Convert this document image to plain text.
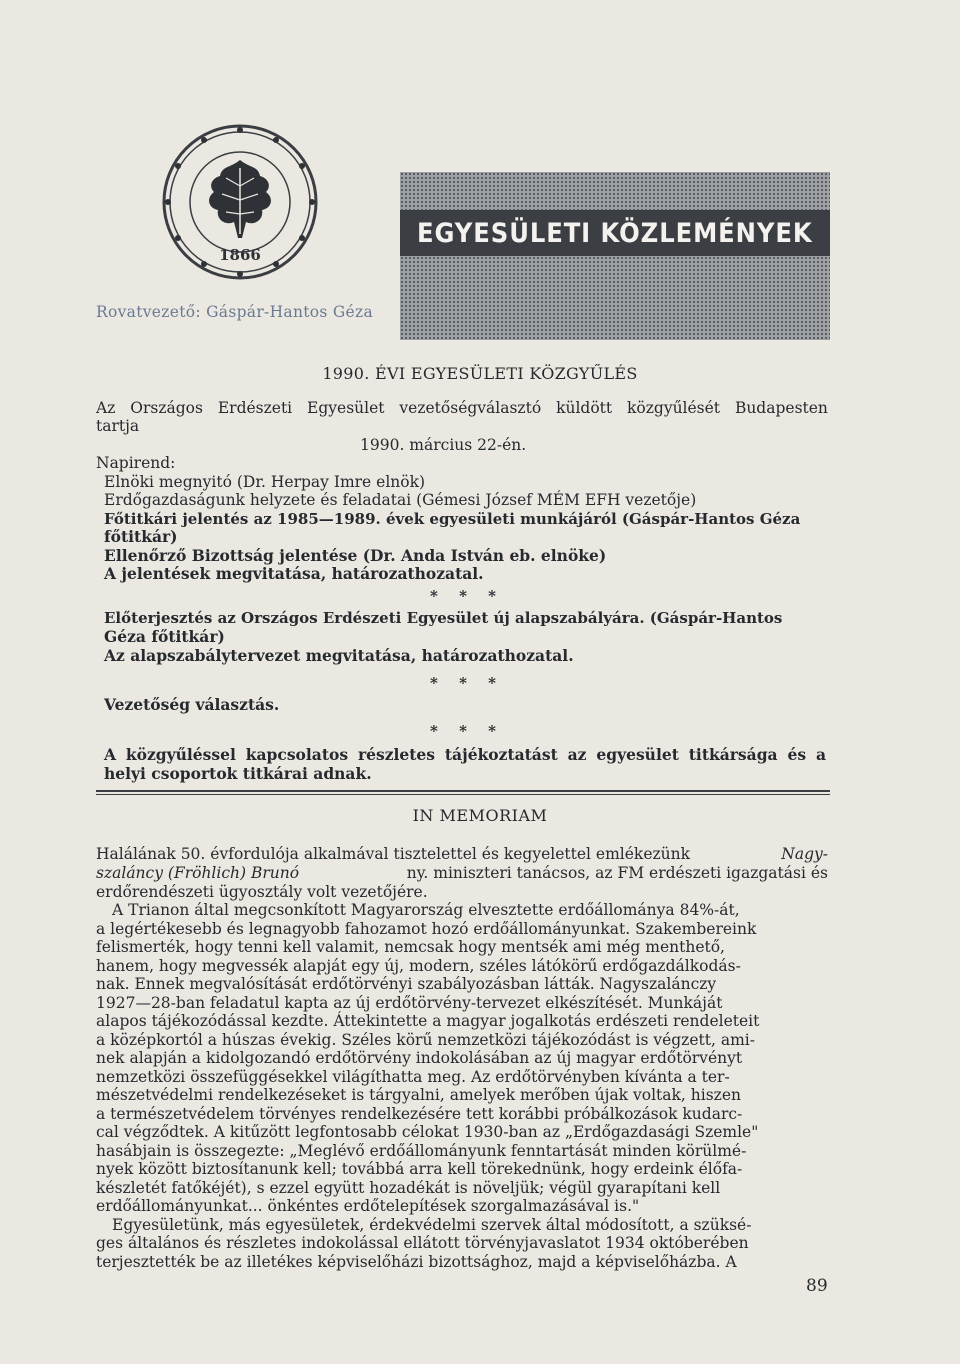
1866
EGYESÜLETI KÖZLEMÉNYEK
Rovatvezető: Gáspár-Hantos Géza
1990. ÉVI EGYESÜLETI KÖZGYŰLÉS
Az Országos Erdészeti Egyesület vezetőségválasztó küldött közgyűlését Budapesten
tartja
1990. március 22-én.
Napirend:
Elnöki megnyitó (Dr. Herpay Imre elnök)
Erdőgazdaságunk helyzete és feladatai (Gémesi József MÉM EFH vezetője)
Főtitkári jelentés az 1985—1989. évek egyesületi munkájáról (Gáspár-Hantos Géza
főtitkár)
Ellenőrző Bizottság jelentése (Dr. Anda István eb. elnöke)
A jelentések megvitatása, határozathozatal.
* * *
Előterjesztés az Országos Erdészeti Egyesület új alapszabályára. (Gáspár-Hantos
Géza főtitkár)
Az alapszabálytervezet megvitatása, határozathozatal.
* * *
Vezetőség választás.
* * *
A közgyűléssel kapcsolatos részletes tájékoztatást az egyesület titkársága és a
helyi csoportok titkárai adnak.
IN MEMORIAM
Halálának 50. évfordulója alkalmával tisztelettel és kegyelettel emlékezünk	Nagy-
szaláncy (Fröhlich) Brunó	ny. miniszteri tanácsos, az FM erdészeti igazgatási és
erdőrendészeti ügyosztály volt vezetőjére.
A Trianon által megcsonkított Magyarország elvesztette erdőállománya 84%-át,
a legértékesebb és legnagyobb fahozamot hozó erdőállományunkat. Szakembereink
felismerték, hogy tenni kell valamit, nemcsak hogy mentsék ami még menthető,
hanem, hogy megvessék alapját egy új, modern, széles látókörű erdőgazdálkodás-
nak. Ennek megvalósítását erdőtörvényi szabályozásban látták. Nagyszalánczy
1927—28-ban feladatul kapta az új erdőtörvény-tervezet elkészítését. Munkáját
alapos tájékozódással kezdte. Áttekintette a magyar jogalkotás erdészeti rendeleteit
a középkortól a húszas évekig. Széles körű nemzetközi tájékozódást is végzett, ami-
nek alapján a kidolgozandó erdőtörvény indokolásában az új magyar erdőtörvényt
nemzetközi összefüggésekkel világíthatta meg. Az erdőtörvényben kívánta a ter-
mészetvédelmi rendelkezéseket is tárgyalni, amelyek merőben újak voltak, hiszen
a természetvédelem törvényes rendelkezésére tett korábbi próbálkozások kudarc-
cal végződtek. A kitűzött legfontosabb célokat 1930-ban az „Erdőgazdasági Szemle"
hasábjain is összegezte: „Meglévő erdőállományunk fenntartását minden körülmé-
nyek között biztosítanunk kell; továbbá arra kell törekednünk, hogy erdeink élőfa-
készletét fatőkéjét), s ezzel együtt hozadékát is növeljük; végül gyarapítani kell
erdőállományunkat... önkéntes erdőtelepítések szorgalmazásával is."
Egyesületünk, más egyesületek, érdekvédelmi szervek által módosított, a szüksé-
ges általános és részletes indokolással ellátott törvényjavaslatot 1934 októberében
terjesztették be az illetékes képviselőházi bizottsághoz, majd a képviselőházba. A
89
